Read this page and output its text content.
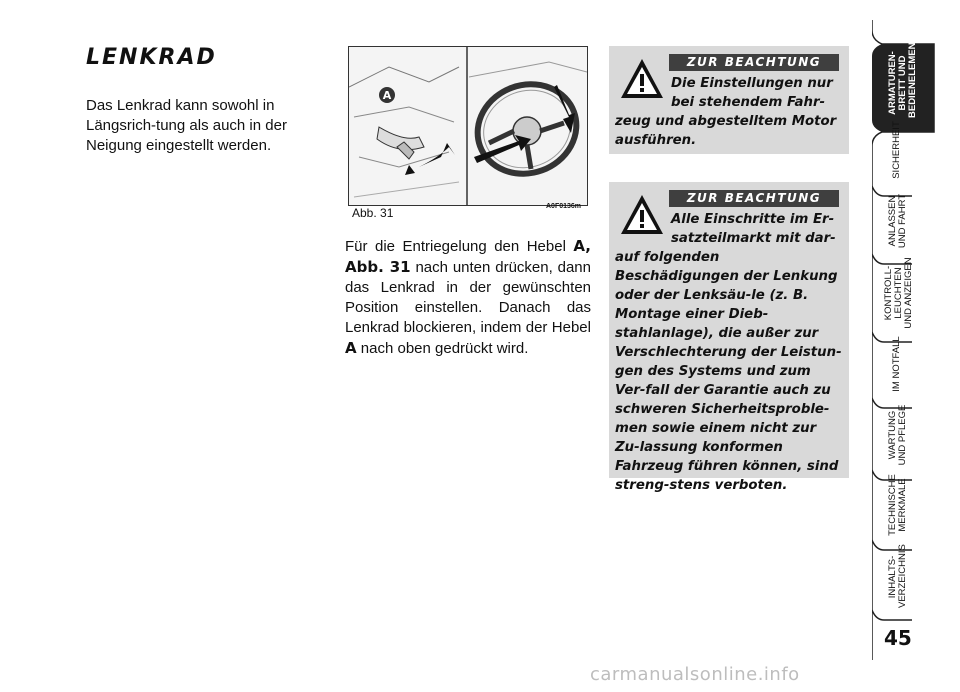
LENKRAD
Das Lenkrad kann sowohl in Längsrich-tung als auch in der Neigung eingestellt werden.
A
Abb. 31	A0F0136m
Für die Entriegelung den Hebel A, Abb. 31 nach unten drücken, dann das Lenkrad in der gewünschten Position einstellen. Danach das Lenkrad blockieren, indem der Hebel A nach oben gedrückt wird.
ZUR BEACHTUNG
Die Einstellungen nur bei stehendem Fahr-
zeug und abgestelltem Motor ausführen.
ZUR BEACHTUNG
Alle Einschritte im Er-satzteilmarkt mit dar-
auf folgenden Beschädigungen der Lenkung oder der Lenksäu-le (z. B. Montage einer Dieb-stahlanlage), die außer zur Verschlechterung der Leistun-gen des Systems und zum Ver-fall der Garantie auch zu schweren Sicherheitsproble-men sowie einem nicht zur Zu-lassung konformen Fahrzeug führen können, sind streng-stens verboten.
ARMATUREN-BRETT UND BEDIENELEMENTE
SICHERHEIT
ANLASSEN UND FAHRT
KONTROLL-LEUCHTEN UND ANZEIGEN
IM NOTFALL
WARTUNG UND PFLEGE
TECHNISCHE MERKMALE
INHALTS-VERZEICHNIS
45
carmanualsonline.info
